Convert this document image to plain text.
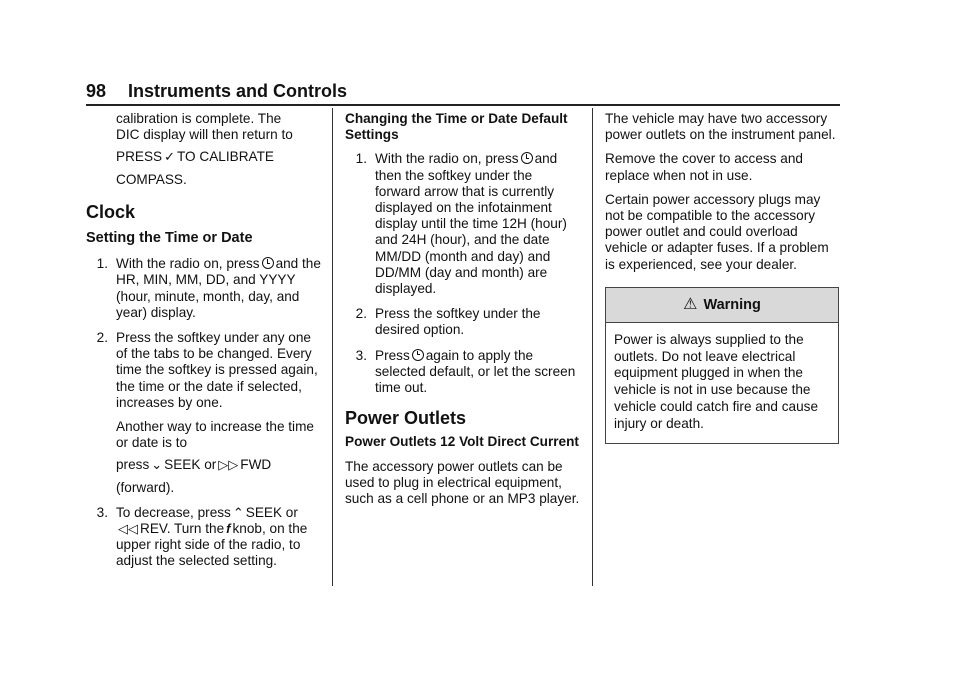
98 Instruments and Controls
calibration is complete. The
DIC display will then return to
PRESS ✓ TO CALIBRATE
COMPASS.
Clock
Setting the Time or Date
1. With the radio on, press and the HR, MIN, MM, DD, and YYYY (hour, minute, month, day, and year) display.
2. Press the softkey under any one of the tabs to be changed. Every time the softkey is pressed again, the time or the date if selected, increases by one.
Another way to increase the time or date is to
press ⌄ SEEK or ▷▷ FWD
(forward).
3. To decrease, press ⌃ SEEK or ◁◁ REV. Turn the f knob, on the upper right side of the radio, to adjust the selected setting.
Changing the Time or Date Default Settings
1. With the radio on, press and then the softkey under the forward arrow that is currently displayed on the infotainment display until the time 12H (hour) and 24H (hour), and the date MM/DD (month and day) and DD/MM (day and month) are displayed.
2. Press the softkey under the desired option.
3. Press again to apply the selected default, or let the screen time out.
Power Outlets
Power Outlets 12 Volt Direct Current

The accessory power outlets can be used to plug in electrical equipment, such as a cell phone or an MP3 player.

The vehicle may have two accessory power outlets on the instrument panel.

Remove the cover to access and replace when not in use.

Certain power accessory plugs may not be compatible to the accessory power outlet and could overload vehicle or adapter fuses. If a problem is experienced, see your dealer.

⚠ Warning
Power is always supplied to the outlets. Do not leave electrical equipment plugged in when the vehicle is not in use because the vehicle could catch fire and cause injury or death.
